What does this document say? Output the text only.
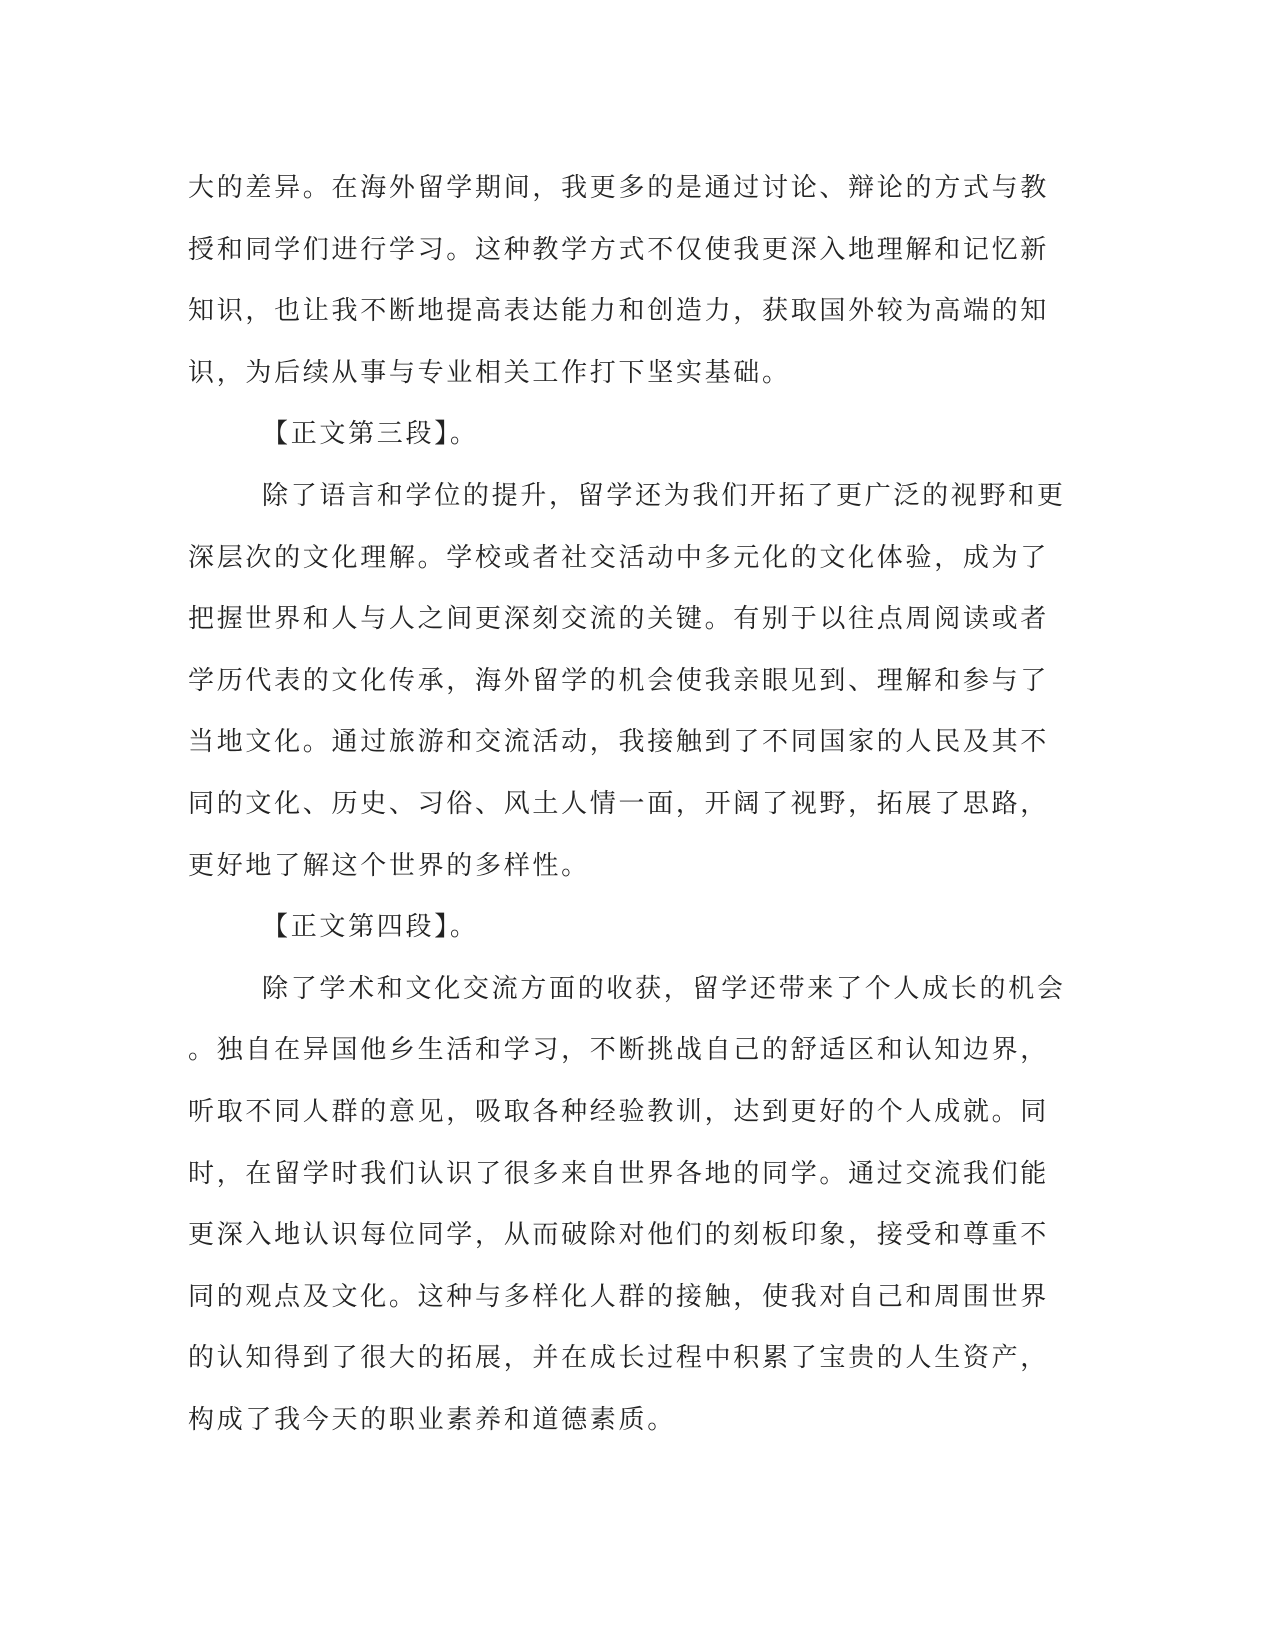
大的差异。在海外留学期间，我更多的是通过讨论、辩论的方式与教
授和同学们进行学习。这种教学方式不仅使我更深入地理解和记忆新
知识，也让我不断地提高表达能力和创造力，获取国外较为高端的知
识，为后续从事与专业相关工作打下坚实基础。
【正文第三段】。
除了语言和学位的提升，留学还为我们开拓了更广泛的视野和更
深层次的文化理解。学校或者社交活动中多元化的文化体验，成为了
把握世界和人与人之间更深刻交流的关键。有别于以往点周阅读或者
学历代表的文化传承，海外留学的机会使我亲眼见到、理解和参与了
当地文化。通过旅游和交流活动，我接触到了不同国家的人民及其不
同的文化、历史、习俗、风土人情一面，开阔了视野，拓展了思路，
更好地了解这个世界的多样性。
【正文第四段】。
除了学术和文化交流方面的收获，留学还带来了个人成长的机会
。独自在异国他乡生活和学习，不断挑战自己的舒适区和认知边界，
听取不同人群的意见，吸取各种经验教训，达到更好的个人成就。同
时，在留学时我们认识了很多来自世界各地的同学。通过交流我们能
更深入地认识每位同学，从而破除对他们的刻板印象，接受和尊重不
同的观点及文化。这种与多样化人群的接触，使我对自己和周围世界
的认知得到了很大的拓展，并在成长过程中积累了宝贵的人生资产，
构成了我今天的职业素养和道德素质。
